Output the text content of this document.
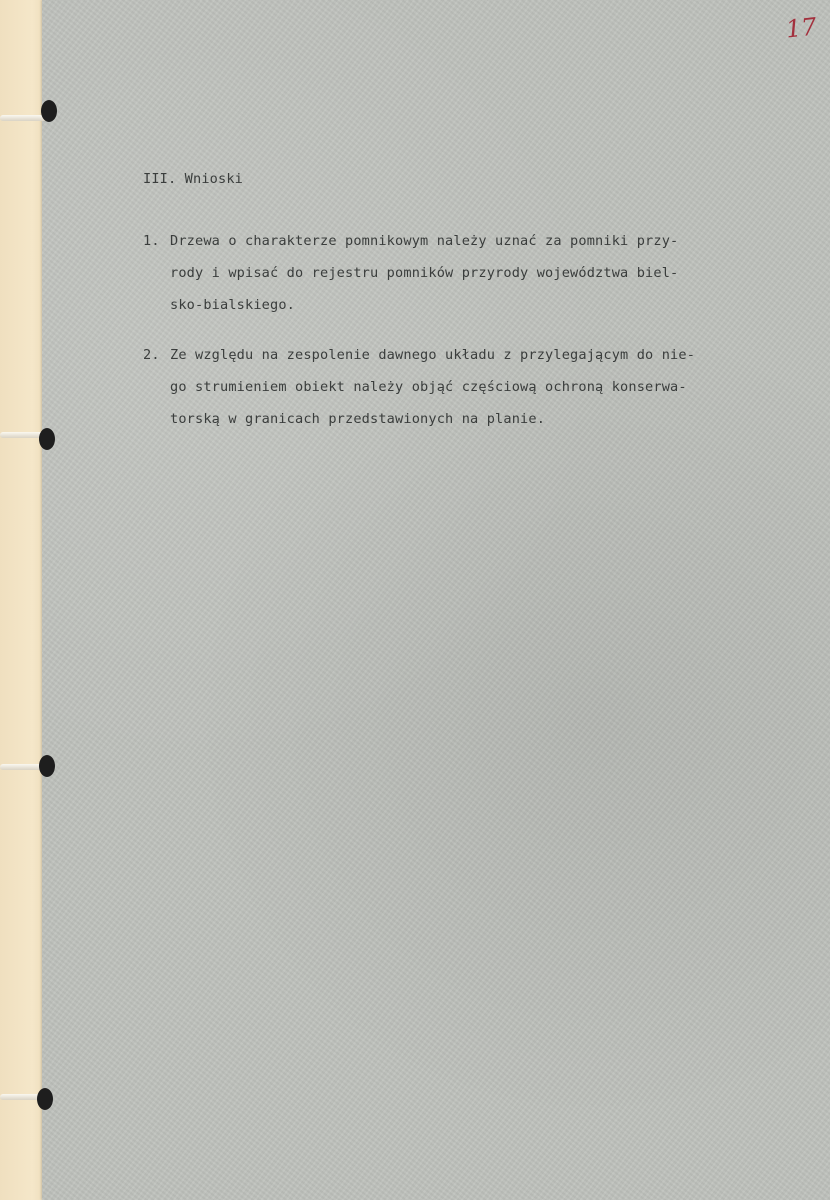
17
III. Wnioski
1. Drzewa o charakterze pomnikowym należy uznać za pomniki przy-
rody i wpisać do rejestru pomników przyrody województwa biel-
sko-bialskiego.
2. Ze względu na zespolenie dawnego układu z przylegającym do nie-
go strumieniem obiekt należy objąć częściową ochroną konserwa-
torską w granicach przedstawionych na planie.
